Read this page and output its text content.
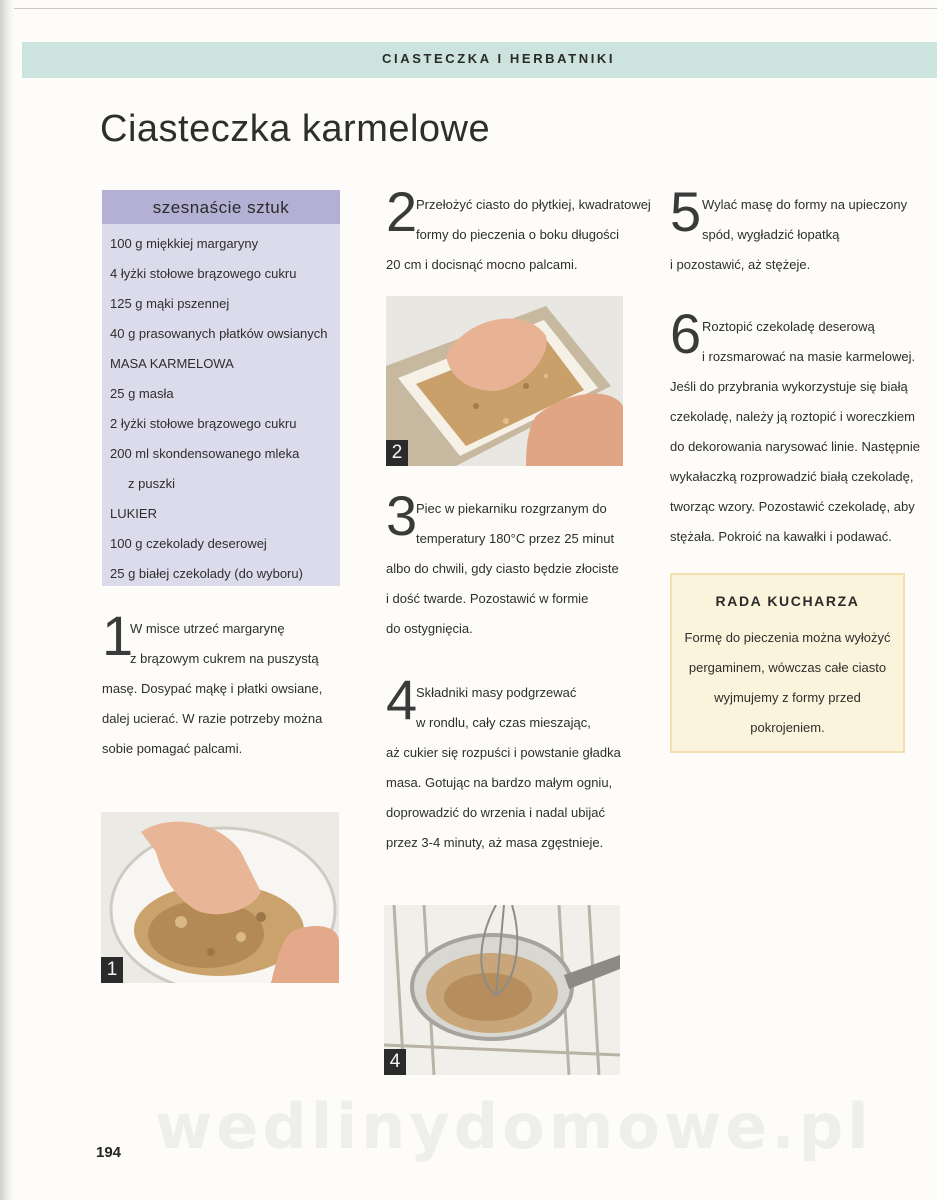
CIASTECZKA I HERBATNIKI
Ciasteczka karmelowe
szesnaście sztuk
100 g miękkiej margaryny
4 łyżki stołowe brązowego cukru
125 g mąki pszennej
40 g prasowanych płatków owsianych
MASA KARMELOWA
25 g masła
2 łyżki stołowe brązowego cukru
200 ml skondensowanego mleka
z puszki
LUKIER
100 g czekolady deserowej
25 g białej czekolady (do wyboru)
1
W misce utrzeć margarynę
z brązowym cukrem na puszystą
masę. Dosypać mąkę i płatki owsiane,
dalej ucierać. W razie potrzeby można
sobie pomagać palcami.
1
2
Przełożyć ciasto do płytkiej, kwadratowej
formy do pieczenia o boku długości
20 cm i docisnąć mocno palcami.
2
3
Piec w piekarniku rozgrzanym do
temperatury 180°C przez 25 minut
albo do chwili, gdy ciasto będzie złociste
i dość twarde. Pozostawić w formie
do ostygnięcia.
4
Składniki masy podgrzewać
w rondlu, cały czas mieszając,
aż cukier się rozpuści i powstanie gładka
masa. Gotując na bardzo małym ogniu,
doprowadzić do wrzenia i nadal ubijać
przez 3-4 minuty, aż masa zgęstnieje.
4
5 Wylać masę do formy na upieczony
spód, wygładzić łopatką
i pozostawić, aż stężeje.
6 Roztopić czekoladę deserową
i rozsmarować na masie karmelowej.
Jeśli do przybrania wykorzystuje się białą
czekoladę, należy ją roztopić i woreczkiem
do dekorowania narysować linie. Następnie
wykałaczką rozprowadzić białą czekoladę,
tworząc wzory. Pozostawić czekoladę, aby
stężała. Pokroić na kawałki i podawać.
RADA KUCHARZA
Formę do pieczenia można wyłożyć
pergaminem, wówczas całe ciasto
wyjmujemy z formy przed
pokrojeniem.
wedlinydomowe.pl
194
